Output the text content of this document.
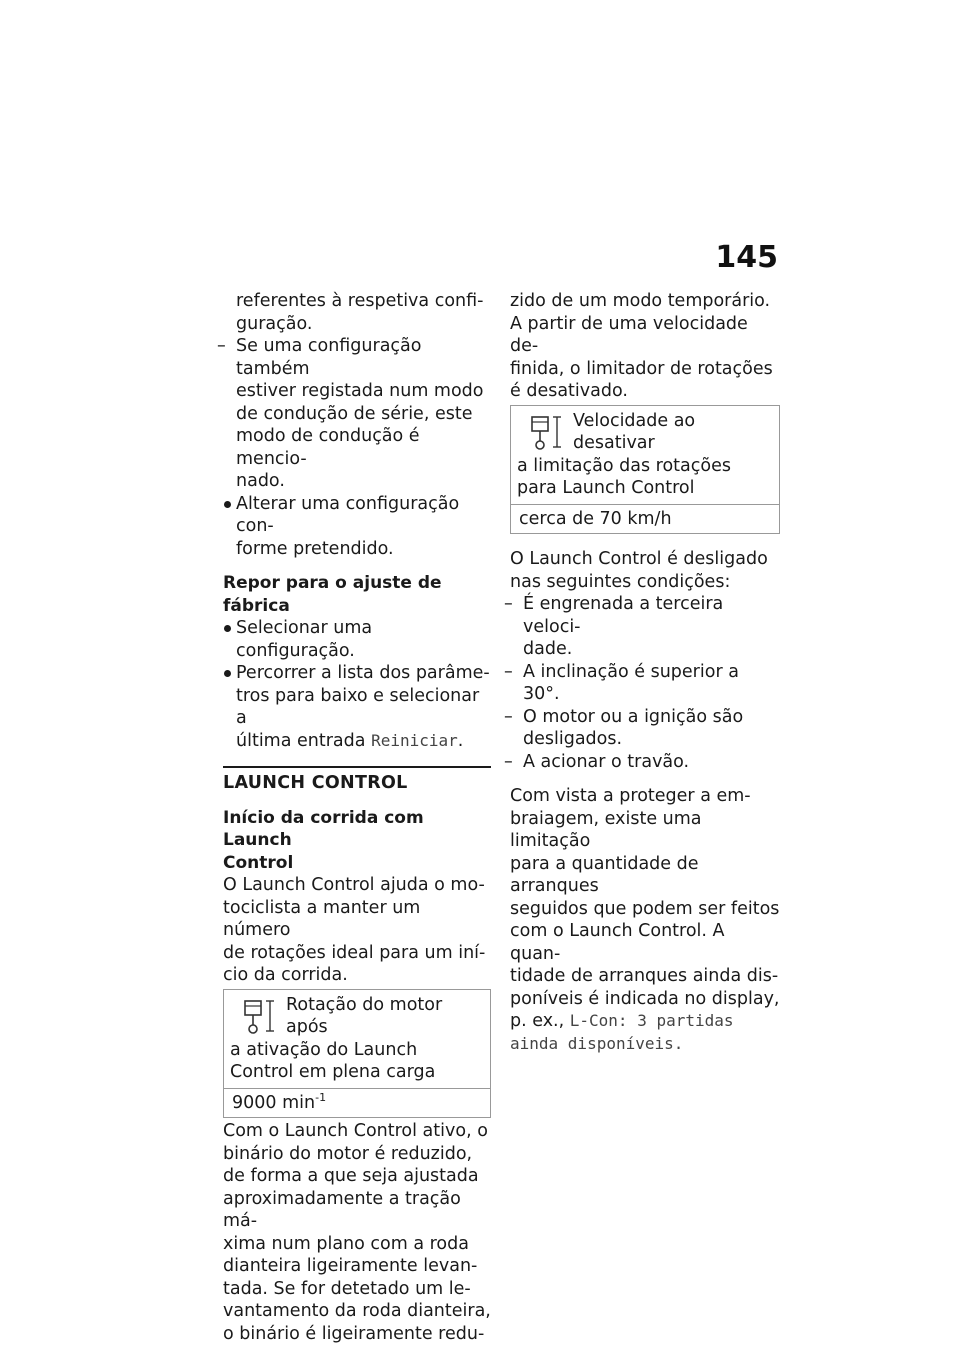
145

referentes à respetiva confi-

guração.

– Se uma configuração também

estiver registada num modo

de condução de série, este

modo de condução é mencio-

nado.

Alterar uma configuração con-

forme pretendido.

Repor para o ajuste de fábrica

Selecionar uma configuração.

Percorrer a lista dos parâme-

tros para baixo e selecionar a

última entrada Reiniciar.

LAUNCH CONTROL

Início da corrida com Launch

Control

O Launch Control ajuda o mo-

tociclista a manter um número

de rotações ideal para um iní-

cio da corrida.

Rotação do motor após

a ativação do Launch

Control em plena carga

9000 $\min^{-1}$

Com o Launch Control ativo, o

binário do motor é reduzido,

de forma a que seja ajustada

aproximadamente a tração má-

xima num plano com a roda

dianteira ligeiramente levan-

tada. Se for detetado um le-

vantamento da roda dianteira,

o binário é ligeiramente redu-

zido de um modo temporário.

A partir de uma velocidade de-

finida, o limitador de rotações

é desativado.

Velocidade ao desativar

a limitação das rotações

para Launch Control

cerca de 70 km/h

O Launch Control é desligado

nas seguintes condições:

– É engrenada a terceira veloci-

dade.

– A inclinação é superior a 30°.

– O motor ou a ignição são

desligados.

– A acionar o travão.

Com vista a proteger a em-

braiagem, existe uma limitação

para a quantidade de arranques

seguidos que podem ser feitos

com o Launch Control. A quan-

tidade de arranques ainda dis-

poníveis é indicada no display,

p. ex., L-Con: 3 partidas

ainda disponíveis.
